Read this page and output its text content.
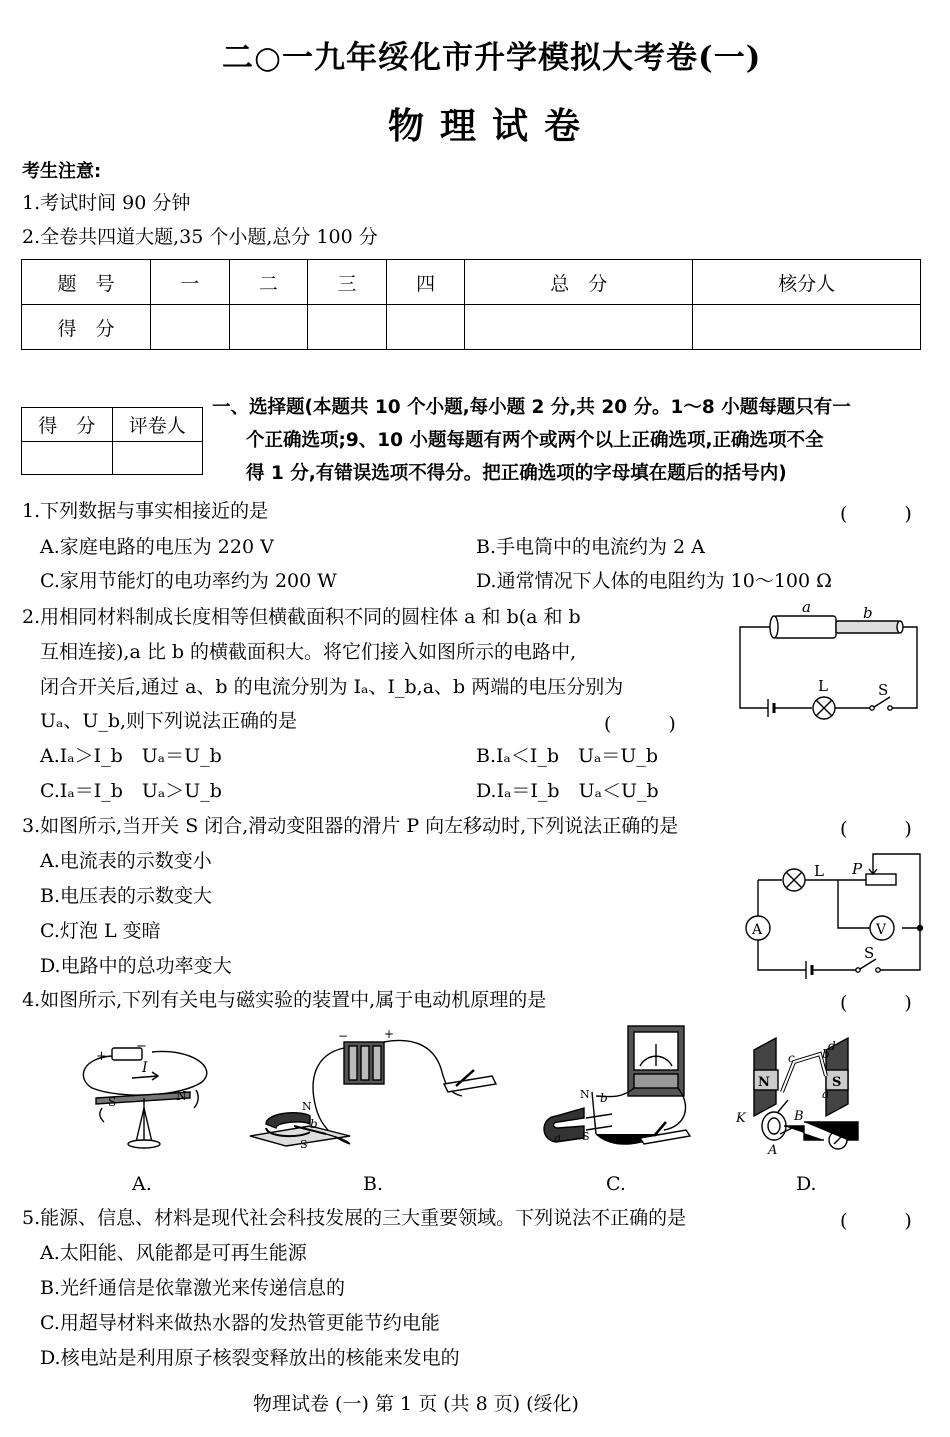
二○一九年绥化市升学模拟大考卷(一)
物理试卷
考生注意:
1.考试时间 90 分钟
2.全卷共四道大题,35 个小题,总分 100 分
题　号	一	二	三	四	总　分	核分人
得　分						
得　分	评卷人

一、选择题(本题共 10 个小题,每小题 2 分,共 20 分。1～8 小题每题只有一
个正确选项;9、10 小题每题有两个或两个以上正确选项,正确选项不全
得 1 分,有错误选项不得分。把正确选项的字母填在题后的括号内)
1.下列数据与事实相接近的是	(　　　)
A.家庭电路的电压为 220 V	B.手电筒中的电流约为 2 A
C.家用节能灯的电功率约为 200 W	D.通常情况下人体的电阻约为 10～100 Ω
2.用相同材料制成长度相等但横截面积不同的圆柱体 a 和 b(a 和 b
互相连接),a 比 b 的横截面积大。将它们接入如图所示的电路中,
闭合开关后,通过 a、b 的电流分别为 Iₐ、I_b,a、b 两端的电压分别为
Uₐ、U_b,则下列说法正确的是	(　　　)
A.Iₐ＞I_b　Uₐ＝U_b	B.Iₐ＜I_b　Uₐ＝U_b
C.Iₐ＝I_b　Uₐ＞U_b	D.Iₐ＝I_b　Uₐ＜U_b
a	b
L	S
3.如图所示,当开关 S 闭合,滑动变阻器的滑片 P 向左移动时,下列说法正确的是	(　　　)
A.电流表的示数变小
B.电压表的示数变大
C.灯泡 L 变暗
D.电路中的总功率变大
P
L
A	V
S
4.如图所示,下列有关电与磁实验的装置中,属于电动机原理的是	(　　　)
+
−
I
S	N
A.
−	+
N
S
b
B.
N
S
a
b
C.
N	S
a
b
c
d
K	B
A
D.
5.能源、信息、材料是现代社会科技发展的三大重要领域。下列说法不正确的是	(　　　)
A.太阳能、风能都是可再生能源
B.光纤通信是依靠激光来传递信息的
C.用超导材料来做热水器的发热管更能节约电能
D.核电站是利用原子核裂变释放出的核能来发电的
物理试卷 (一) 第 1 页 (共 8 页) (绥化)
